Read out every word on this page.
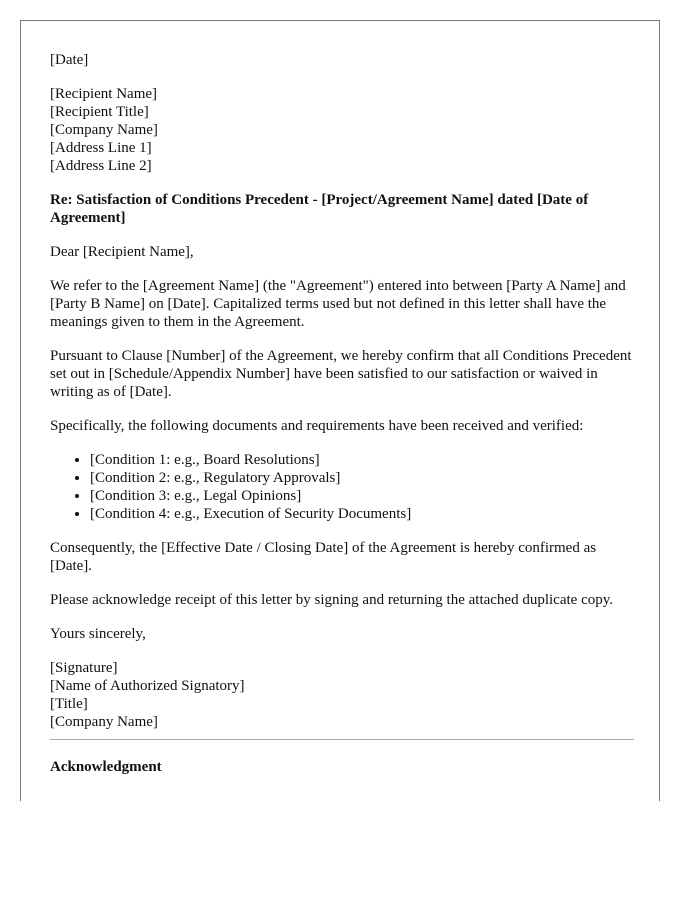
[Date]

[Recipient Name]
[Recipient Title]
[Company Name]
[Address Line 1]
[Address Line 2]

Re: Satisfaction of Conditions Precedent - [Project/Agreement Name] dated [Date of Agreement]

Dear [Recipient Name],

We refer to the [Agreement Name] (the "Agreement") entered into between [Party A Name] and [Party B Name] on [Date]. Capitalized terms used but not defined in this letter shall have the meanings given to them in the Agreement.

Pursuant to Clause [Number] of the Agreement, we hereby confirm that all Conditions Precedent set out in [Schedule/Appendix Number] have been satisfied to our satisfaction or waived in writing as of [Date].

Specifically, the following documents and requirements have been received and verified:

• [Condition 1: e.g., Board Resolutions]
• [Condition 2: e.g., Regulatory Approvals]
• [Condition 3: e.g., Legal Opinions]
• [Condition 4: e.g., Execution of Security Documents]

Consequently, the [Effective Date / Closing Date] of the Agreement is hereby confirmed as [Date].

Please acknowledge receipt of this letter by signing and returning the attached duplicate copy.

Yours sincerely,

[Signature]
[Name of Authorized Signatory]
[Title]
[Company Name]

Acknowledgment
